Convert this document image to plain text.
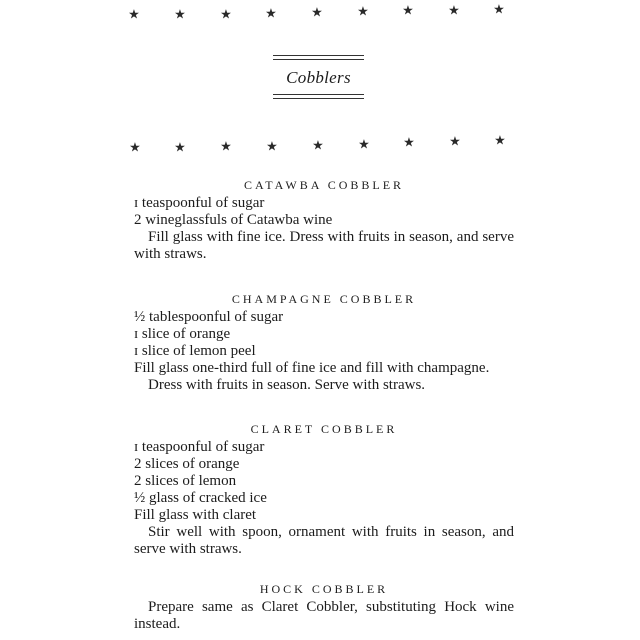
★	★	★	★	★	★	★	★	★
Cobblers
★	★	★	★	★	★	★	★	★
CATAWBA COBBLER
ɪ teaspoonful of sugar
2 wineglassfuls of Catawba wine
Fill glass with fine ice. Dress with fruits in season, and serve with straws.
CHAMPAGNE COBBLER
½ tablespoonful of sugar
ɪ slice of orange
ɪ slice of lemon peel
Fill glass one-third full of fine ice and fill with champagne.
Dress with fruits in season. Serve with straws.
CLARET COBBLER
ɪ teaspoonful of sugar
2 slices of orange
2 slices of lemon
½ glass of cracked ice
Fill glass with claret
Stir well with spoon, ornament with fruits in season, and serve with straws.
HOCK COBBLER
Prepare same as Claret Cobbler, substituting Hock wine instead.
